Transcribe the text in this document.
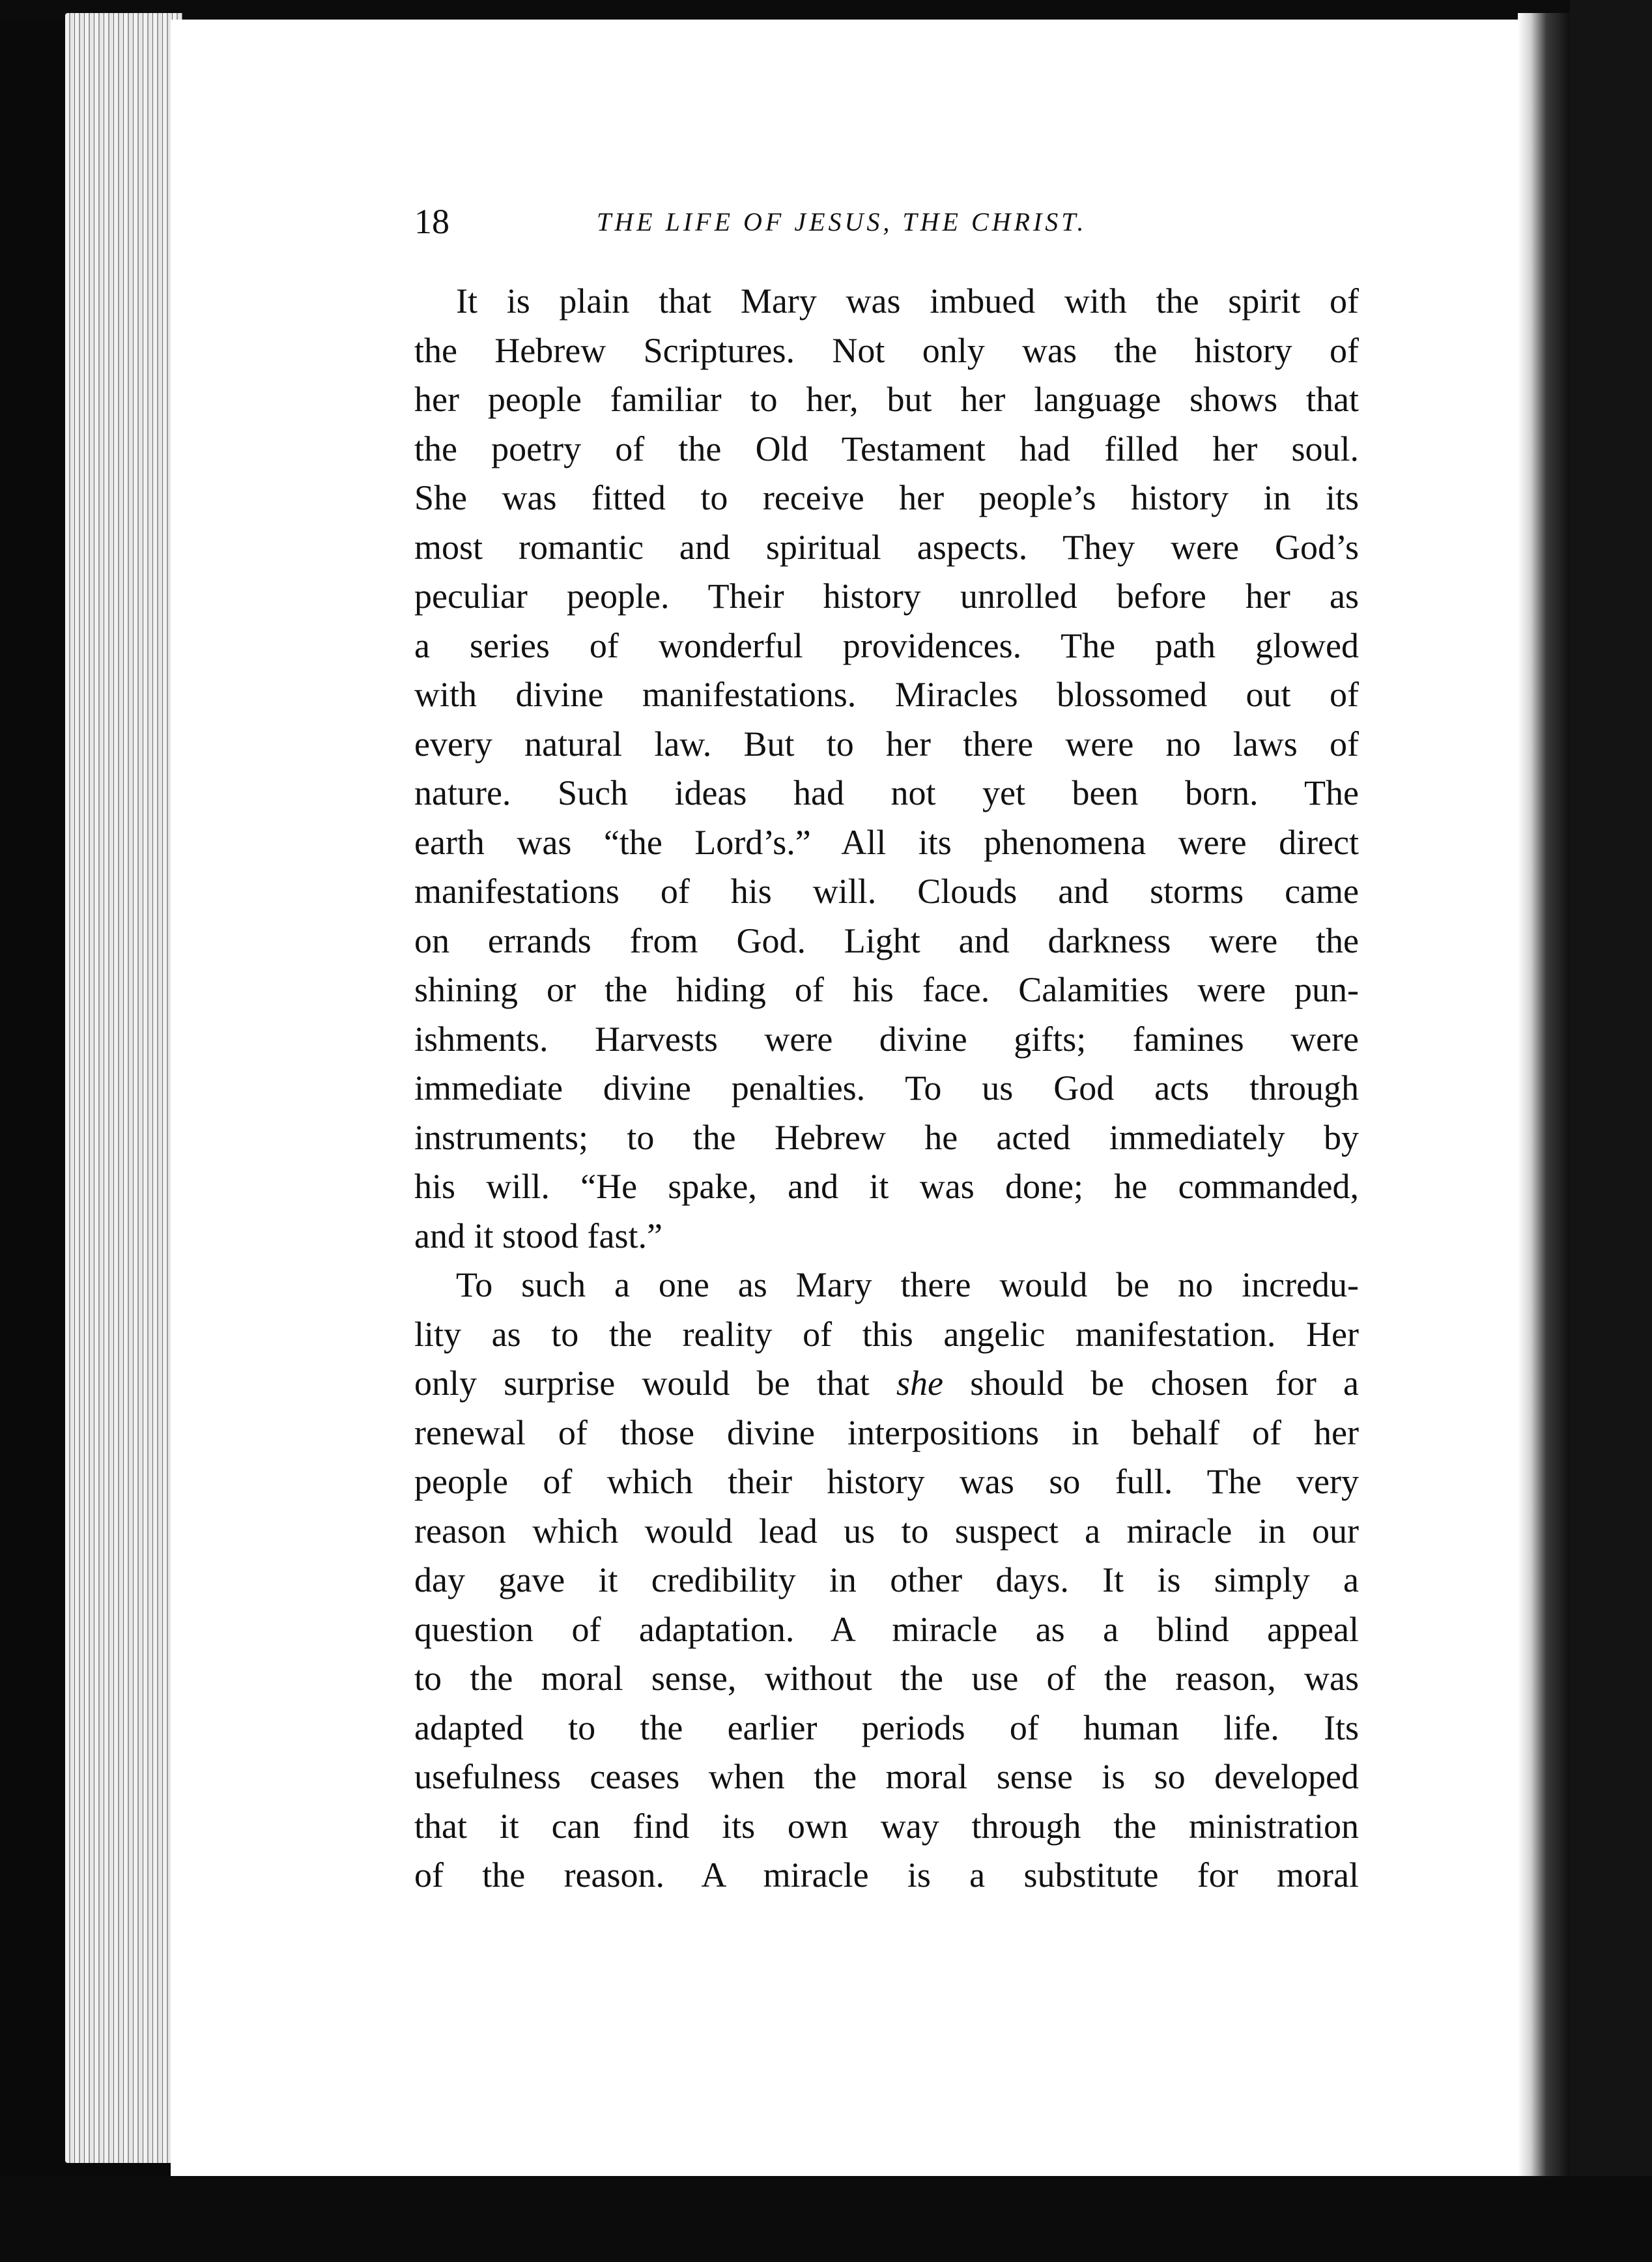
18	THE LIFE OF JESUS, THE CHRIST.
It is plain that Mary was imbued with the spirit of
the Hebrew Scriptures. Not only was the history of
her people familiar to her, but her language shows that
the poetry of the Old Testament had filled her soul.
She was fitted to receive her people’s history in its
most romantic and spiritual aspects. They were God’s
peculiar people. Their history unrolled before her as
a series of wonderful providences. The path glowed
with divine manifestations. Miracles blossomed out of
every natural law. But to her there were no laws of
nature. Such ideas had not yet been born. The
earth was “the Lord’s.” All its phenomena were direct
manifestations of his will. Clouds and storms came
on errands from God. Light and darkness were the
shining or the hiding of his face. Calamities were pun-
ishments. Harvests were divine gifts; famines were
immediate divine penalties. To us God acts through
instruments; to the Hebrew he acted immediately by
his will. “He spake, and it was done; he commanded,
and it stood fast.”
To such a one as Mary there would be no incredu-
lity as to the reality of this angelic manifestation. Her
only surprise would be that she should be chosen for a
renewal of those divine interpositions in behalf of her
people of which their history was so full. The very
reason which would lead us to suspect a miracle in our
day gave it credibility in other days. It is simply a
question of adaptation. A miracle as a blind appeal
to the moral sense, without the use of the reason, was
adapted to the earlier periods of human life. Its
usefulness ceases when the moral sense is so developed
that it can find its own way through the ministration
of the reason. A miracle is a substitute for moral
